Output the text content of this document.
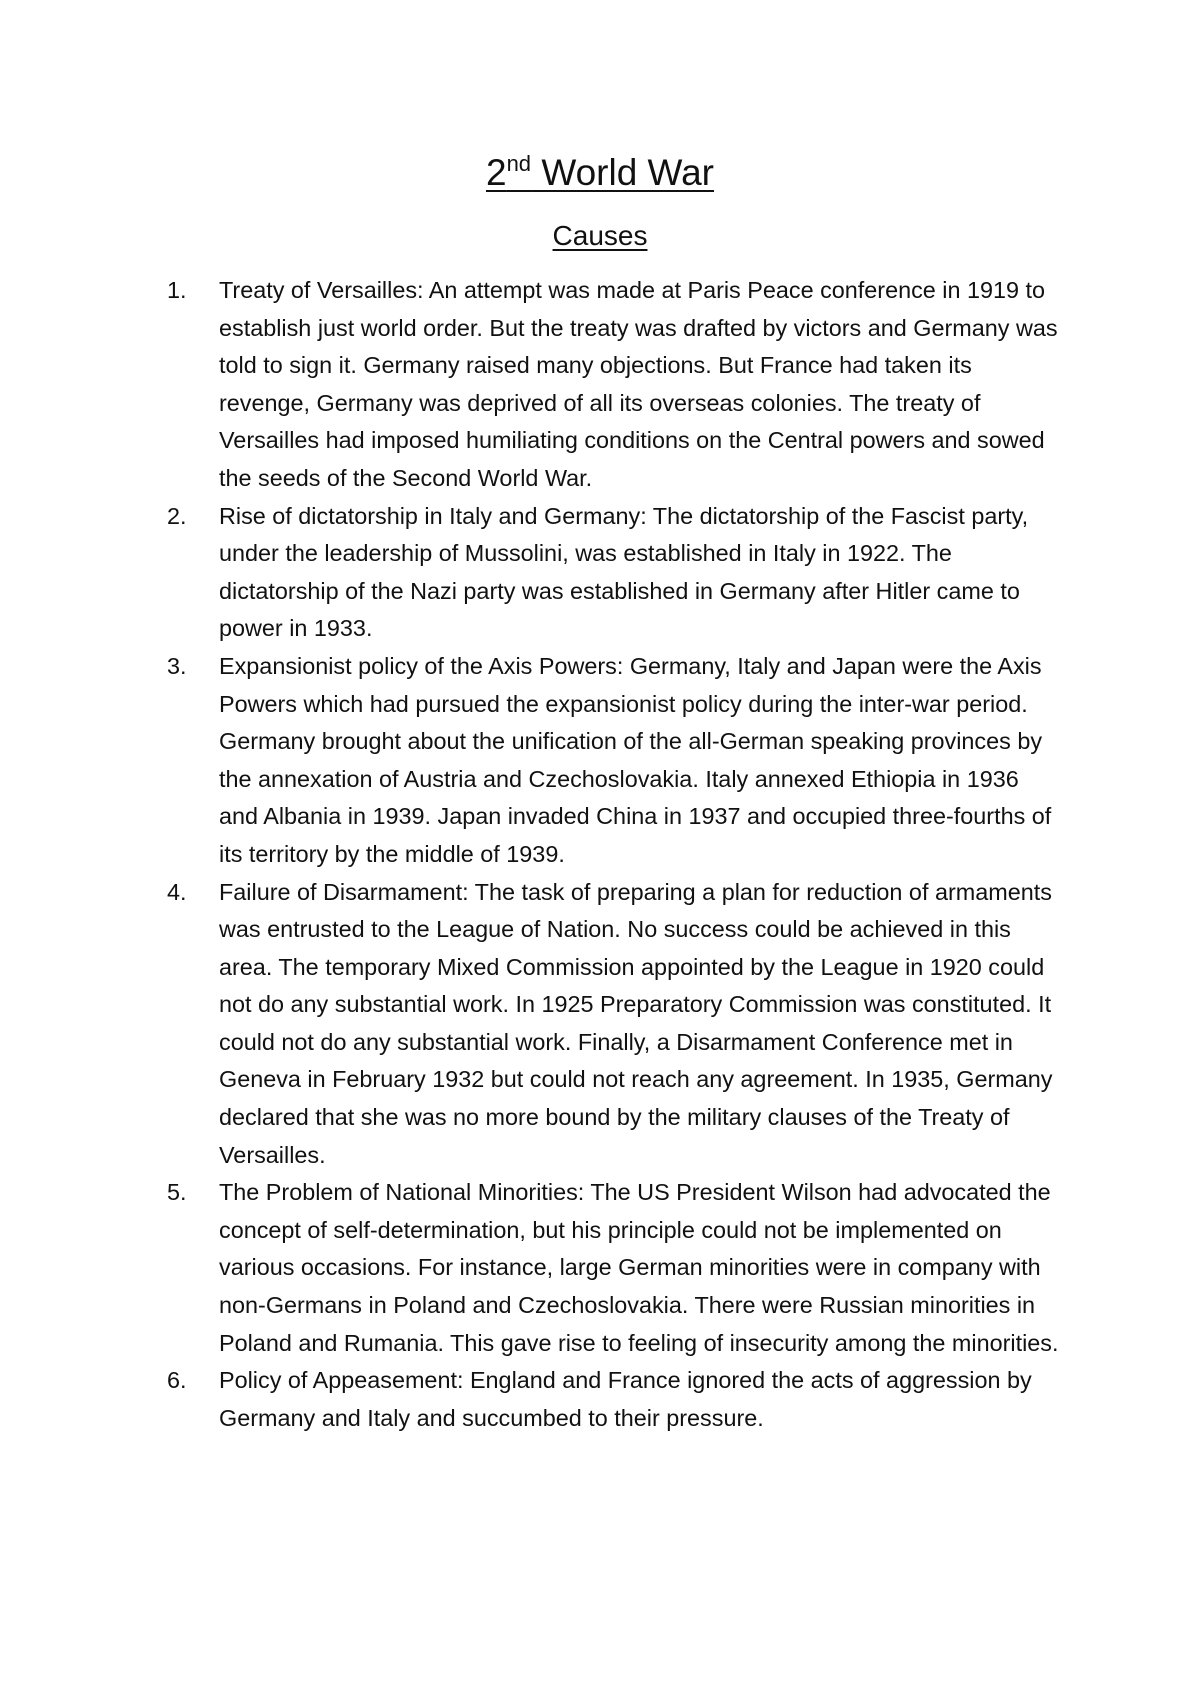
2nd World War
Causes
1.	Treaty of Versailles: An attempt was made at Paris Peace conference in 1919 to establish just world order. But the treaty was drafted by victors and Germany was told to sign it. Germany raised many objections. But France had taken its revenge, Germany was deprived of all its overseas colonies. The treaty of Versailles had imposed humiliating conditions on the Central powers and sowed the seeds of the Second World War.
2.	Rise of dictatorship in Italy and Germany: The dictatorship of the Fascist party, under the leadership of Mussolini, was established in Italy in 1922. The dictatorship of the Nazi party was established in Germany after Hitler came to power in 1933.
3.	Expansionist policy of the Axis Powers: Germany, Italy and Japan were the Axis Powers which had pursued the expansionist policy during the inter-war period. Germany brought about the unification of the all-German speaking provinces by the annexation of Austria and Czechoslovakia. Italy annexed Ethiopia in 1936 and Albania in 1939. Japan invaded China in 1937 and occupied three-fourths of its territory by the middle of 1939.
4.	Failure of Disarmament: The task of preparing a plan for reduction of armaments was entrusted to the League of Nation. No success could be achieved in this area. The temporary Mixed Commission appointed by the League in 1920 could not do any substantial work. In 1925 Preparatory Commission was constituted. It could not do any substantial work. Finally, a Disarmament Conference met in Geneva in February 1932 but could not reach any agreement. In 1935, Germany declared that she was no more bound by the military clauses of the Treaty of Versailles.
5.	The Problem of National Minorities: The US President Wilson had advocated the concept of self-determination, but his principle could not be implemented on various occasions. For instance, large German minorities were in company with non-Germans in Poland and Czechoslovakia. There were Russian minorities in Poland and Rumania. This gave rise to feeling of insecurity among the minorities.
6.	Policy of Appeasement: England and France ignored the acts of aggression by Germany and Italy and succumbed to their pressure.
